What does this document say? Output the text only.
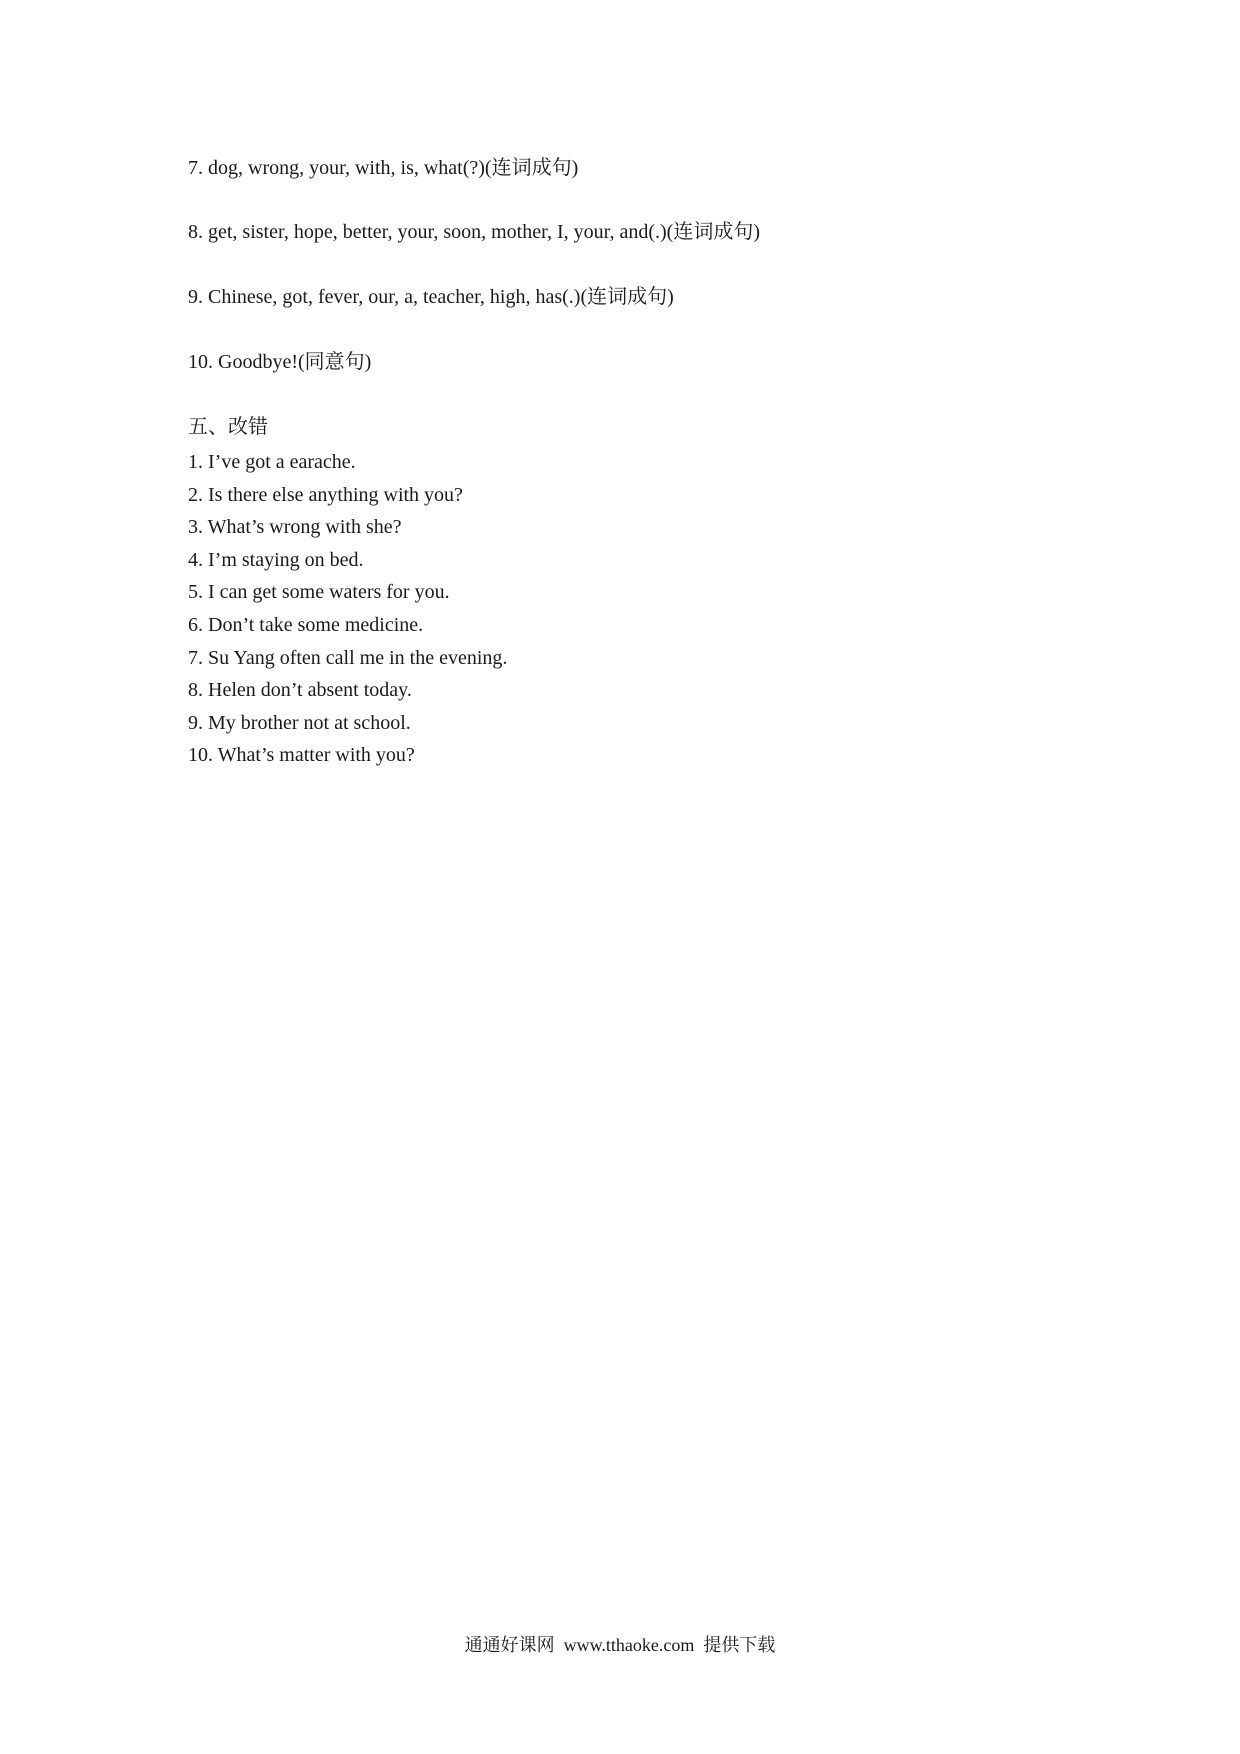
7. dog, wrong, your, with, is, what(?)(连词成句)
8. get, sister, hope, better, your, soon, mother, I, your, and(.)(连词成句)
9. Chinese, got, fever, our, a, teacher, high, has(.)(连词成句)
10. Goodbye!(同意句)
五、改错
1. I’ve got a earache.
2. Is there else anything with you?
3. What’s wrong with she?
4. I’m staying on bed.
5. I can get some waters for you.
6. Don’t take some medicine.
7. Su Yang often call me in the evening.
8. Helen don’t absent today.
9. My brother not at school.
10. What’s matter with you?
通通好课网  www.tthaoke.com  提供下载
